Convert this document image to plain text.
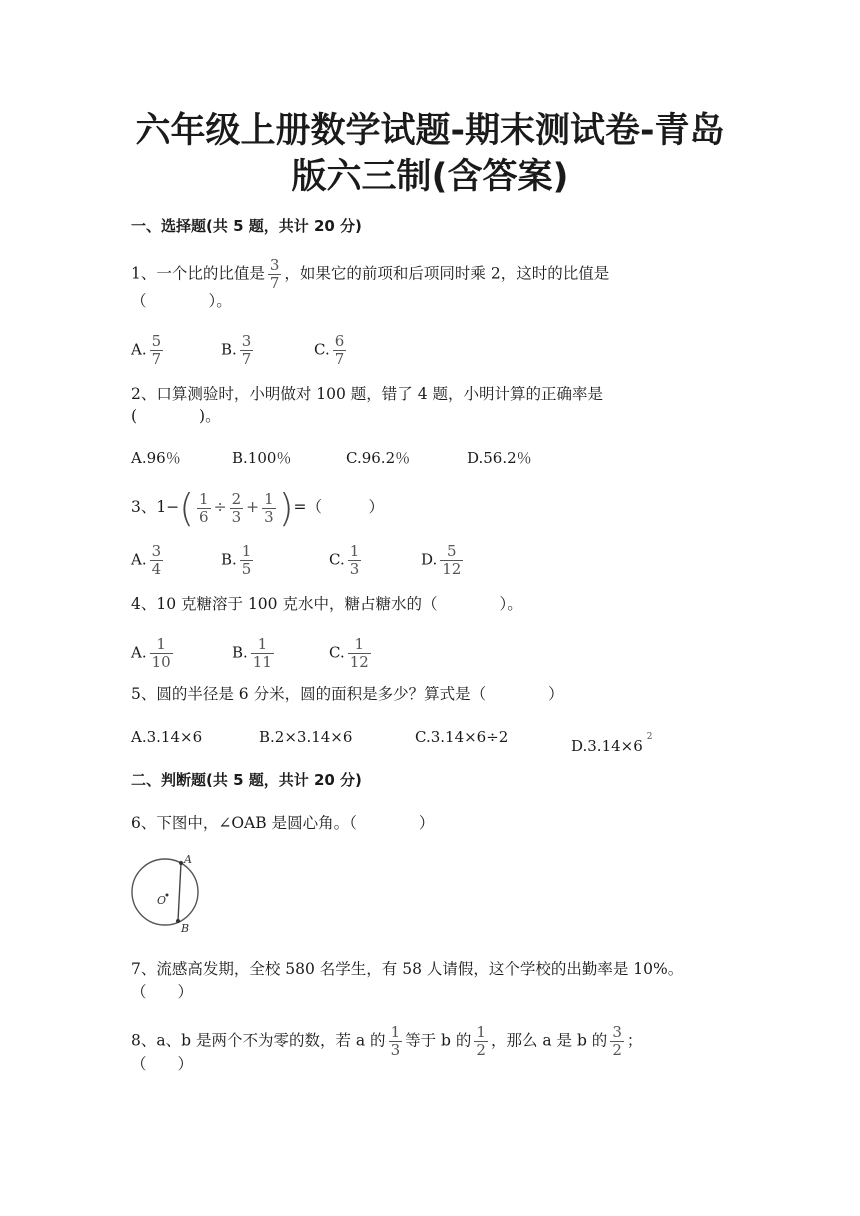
六年级上册数学试题-期末测试卷-青岛
版六三制(含答案)
一、选择题(共 5 题，共计 20 分)
1、一个比的比值是 $\frac{3}{7}$ ，如果它的前项和后项同时乘 2，这时的比值是
（　　　　）。
A. $\frac{5}{7}$	B. $\frac{3}{7}$	C. $\frac{6}{7}$
2、口算测验时，小明做对 100 题，错了 4 题，小明计算的正确率是
(　　　　)。
A.96％	B.100％	C.96.2％	D.56.2％
3、$1-( \frac{1}{6} \div \frac{2}{3} + \frac{1}{3}$ )=（　　　）
A. $\frac{3}{4}$	B. $\frac{1}{5}$	C. $\frac{1}{3}$	D. $\frac{5}{12}$
4、10 克糖溶于 100 克水中，糖占糖水的（　　　　）。
A. $\frac{1}{10}$	B. $\frac{1}{11}$	C. $\frac{1}{12}$
5、圆的半径是 6 分米，圆的面积是多少？算式是（　　　　）
A.3.14×6	B.2×3.14×6	C.3.14×6÷2	D.3.14×6 $^2$
二、判断题(共 5 题，共计 20 分)
6、下图中，∠OAB 是圆心角。（　　　　）
A
B
O
7、流感高发期，全校 580 名学生，有 58 人请假，这个学校的出勤率是 10%。
（　　）
8、a、b 是两个不为零的数，若 a 的 $\frac{1}{3}$ 等于 b 的 $\frac{1}{2}$ ，那么 a 是 b 的 $\frac{3}{2}$ ；
（　　）
